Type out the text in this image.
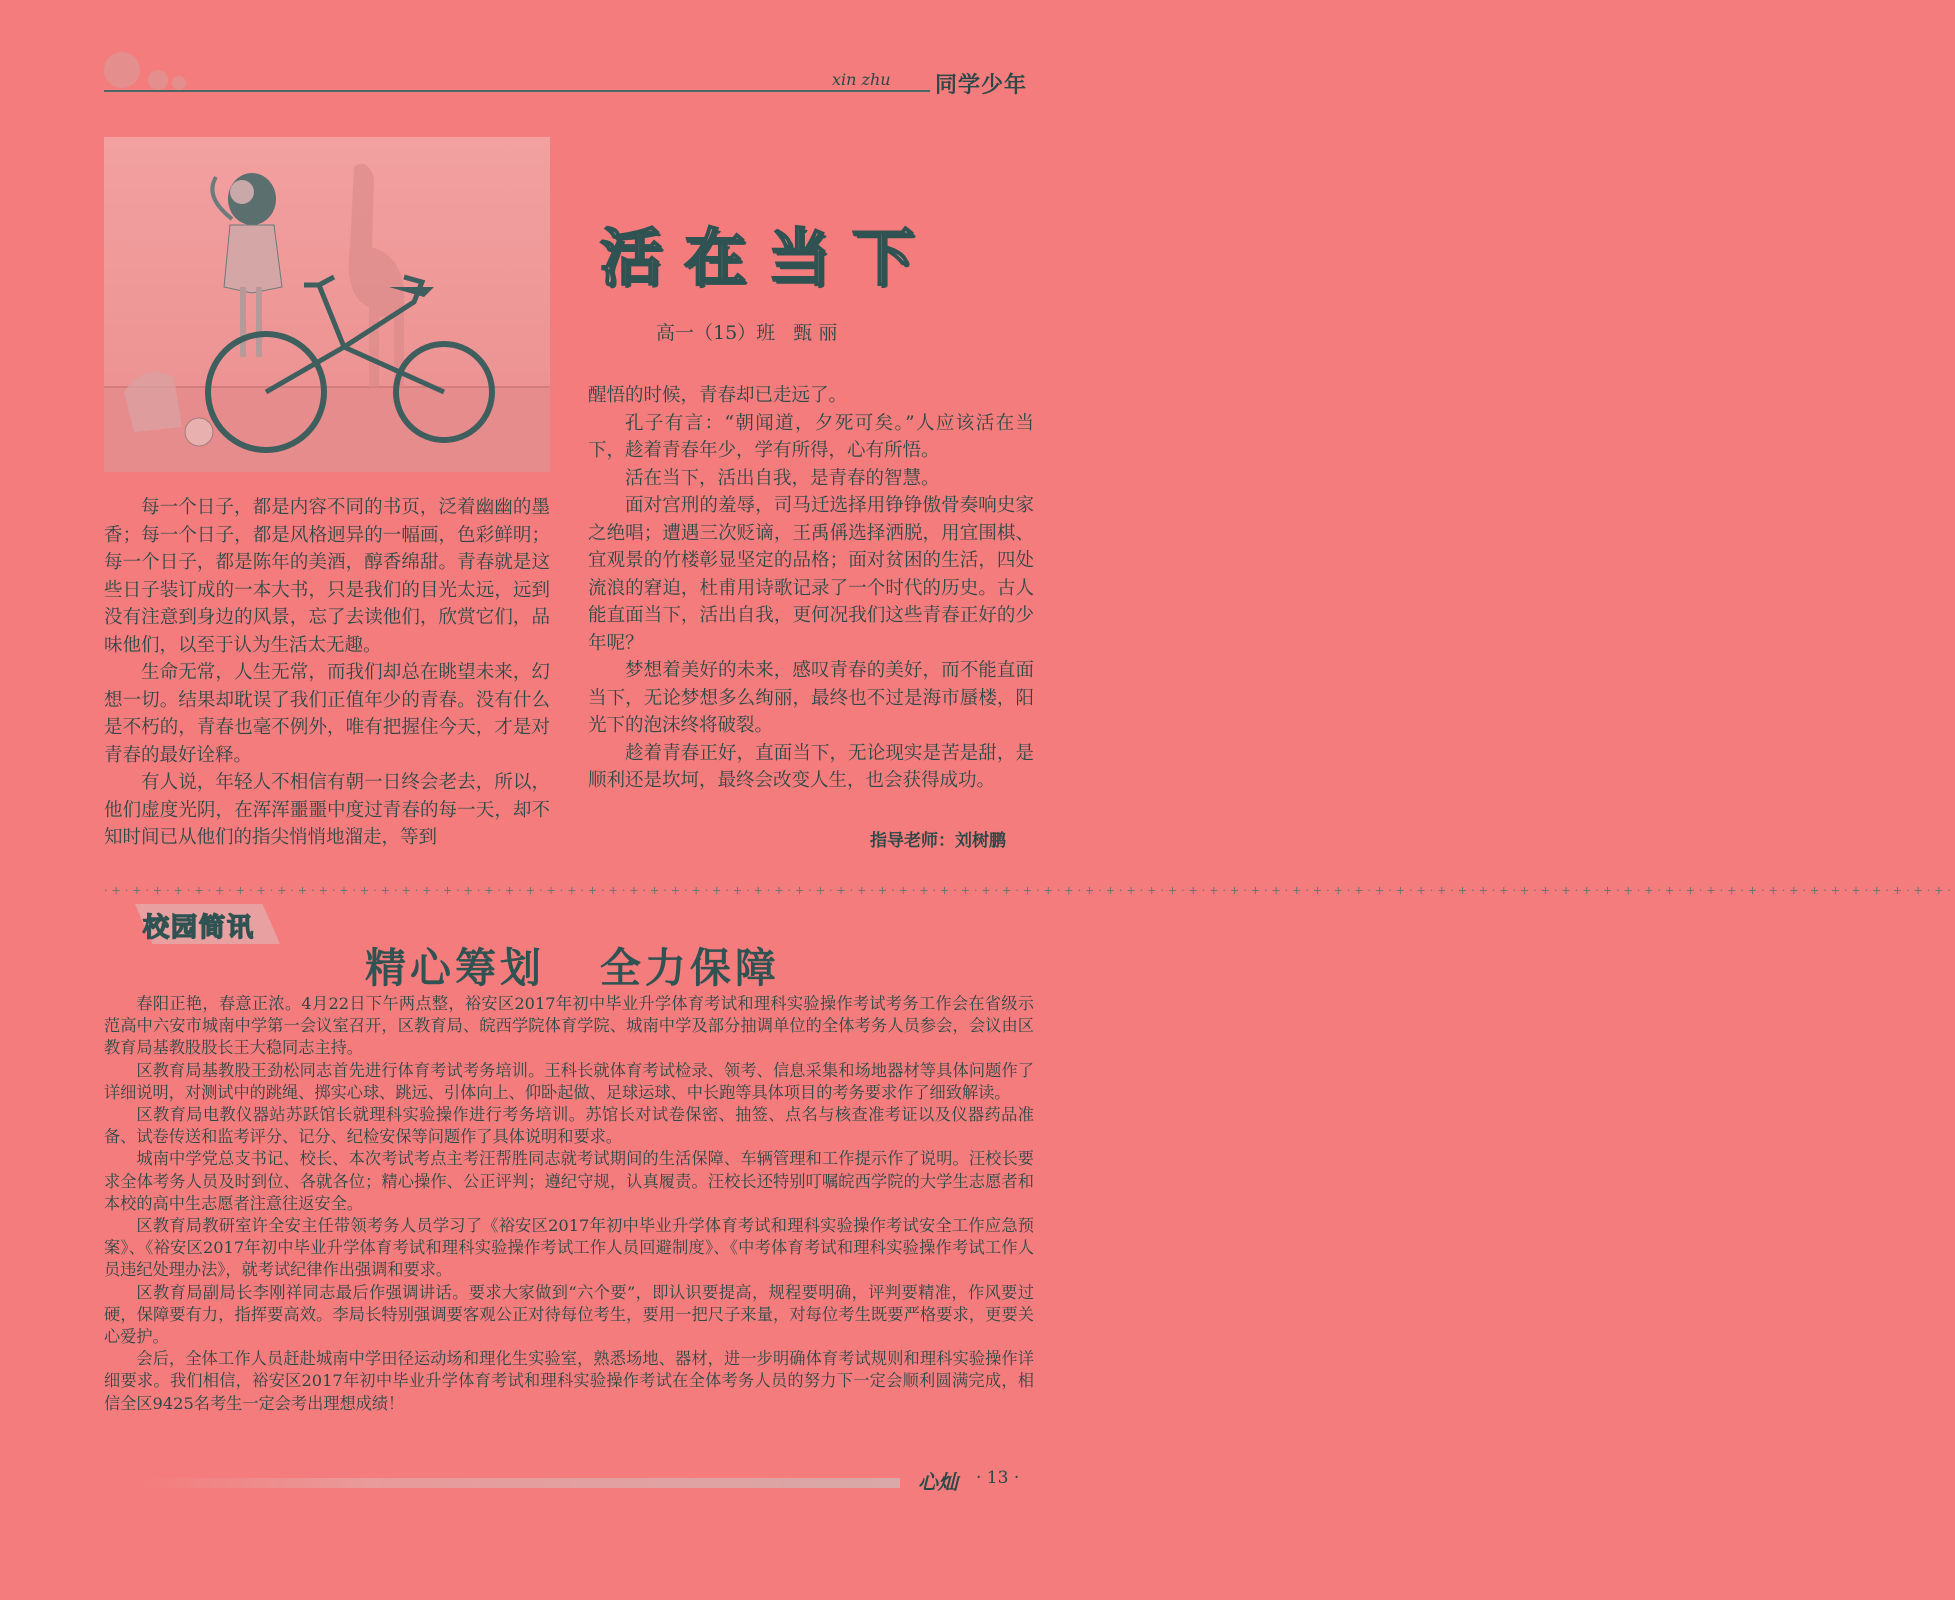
xin zhu 同学少年
活在当下
高一（15）班   甄 丽

每一个日子，都是内容不同的书页，泛着幽幽的墨香；每一个日子，都是风格迥异的一幅画，色彩鲜明；每一个日子，都是陈年的美酒，醇香绵甜。青春就是这些日子装订成的一本大书，只是我们的目光太远，远到没有注意到身边的风景，忘了去读他们，欣赏它们，品味他们，以至于认为生活太无趣。

生命无常，人生无常，而我们却总在眺望未来，幻想一切。结果却耽误了我们正值年少的青春。没有什么是不朽的，青春也毫不例外，唯有把握住今天，才是对青春的最好诠释。

有人说，年轻人不相信有朝一日终会老去，所以，他们虚度光阴，在浑浑噩噩中度过青春的每一天，却不知时间已从他们的指尖悄悄地溜走，等到

醒悟的时候，青春却已走远了。

孔子有言：“朝闻道，夕死可矣。”人应该活在当下，趁着青春年少，学有所得，心有所悟。

活在当下，活出自我，是青春的智慧。

面对宫刑的羞辱，司马迁选择用铮铮傲骨奏响史家之绝唱；遭遇三次贬谪，王禹偁选择洒脱，用宜围棋、宜观景的竹楼彰显坚定的品格；面对贫困的生活，四处流浪的窘迫，杜甫用诗歌记录了一个时代的历史。古人能直面当下，活出自我，更何况我们这些青春正好的少年呢？

梦想着美好的未来，感叹青春的美好，而不能直面当下，无论梦想多么绚丽，最终也不过是海市蜃楼，阳光下的泡沫终将破裂。

趁着青春正好，直面当下，无论现实是苦是甜，是顺利还是坎坷，最终会改变人生，也会获得成功。

指导老师：刘树鹏
·+·+·+·+·+·+·+·+·+·+·+·+·+·+·+·+·+·+·+·+·+·+·+·+·+·+·+·+·+·+·+·+·+·+·+·+·+·+·+·+·+·+·+·+·+·+·+·+·+·+·+·+·+·+·+·+·+·+·+·+·+·+·+·+·+·+·+·+·+·+·+·+·+·+·+·+·+·+·+·+·+·+·+·+·+·+·+·+·+·
校园简讯
精心筹划   全力保障

春阳正艳，春意正浓。4月22日下午两点整，裕安区2017年初中毕业升学体育考试和理科实验操作考试考务工作会在省级示范高中六安市城南中学第一会议室召开，区教育局、皖西学院体育学院、城南中学及部分抽调单位的全体考务人员参会，会议由区教育局基教股股长王大稳同志主持。

区教育局基教股王劲松同志首先进行体育考试考务培训。王科长就体育考试检录、领考、信息采集和场地器材等具体问题作了详细说明，对测试中的跳绳、掷实心球、跳远、引体向上、仰卧起做、足球运球、中长跑等具体项目的考务要求作了细致解读。

区教育局电教仪器站苏跃馆长就理科实验操作进行考务培训。苏馆长对试卷保密、抽签、点名与核查准考证以及仪器药品准备、试卷传送和监考评分、记分、纪检安保等问题作了具体说明和要求。

城南中学党总支书记、校长、本次考试考点主考汪帮胜同志就考试期间的生活保障、车辆管理和工作提示作了说明。汪校长要求全体考务人员及时到位、各就各位；精心操作、公正评判；遵纪守规，认真履责。汪校长还特别叮嘱皖西学院的大学生志愿者和本校的高中生志愿者注意往返安全。

区教育局教研室许全安主任带领考务人员学习了《裕安区2017年初中毕业升学体育考试和理科实验操作考试安全工作应急预案》、《裕安区2017年初中毕业升学体育考试和理科实验操作考试工作人员回避制度》、《中考体育考试和理科实验操作考试工作人员违纪处理办法》，就考试纪律作出强调和要求。

区教育局副局长李刚祥同志最后作强调讲话。要求大家做到“六个要”，即认识要提高，规程要明确，评判要精准，作风要过硬，保障要有力，指挥要高效。李局长特别强调要客观公正对待每位考生，要用一把尺子来量，对每位考生既要严格要求，更要关心爱护。

会后，全体工作人员赶赴城南中学田径运动场和理化生实验室，熟悉场地、器材，进一步明确体育考试规则和理科实验操作详细要求。我们相信，裕安区2017年初中毕业升学体育考试和理科实验操作考试在全体考务人员的努力下一定会顺利圆满完成，相信全区9425名考生一定会考出理想成绩！

心灿 · 13 ·
